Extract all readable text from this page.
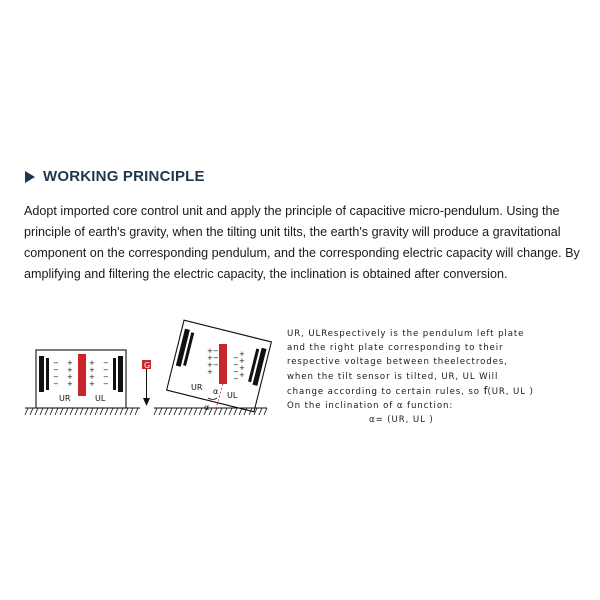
WORKING PRINCIPLE
Adopt imported core control unit and apply the principle of capacitive micro-pendulum. Using the principle of earth's gravity, when the tilting unit tilts, the earth's gravity will produce a gravitational component on the corresponding pendulum, and the corresponding electric capacity will change. By amplifying and filtering the electric capacity, the inclination is obtained after conversion.
−
−
−
−
+
+
+
+
+
+
+
+
−
−
−
−
UR	UL
G
+
+
+
+
−
−
−
−
−
−
−
+
+
+
+
UR
UL
α
α
UR, ULRespectively is the pendulum left plate
and the right plate corresponding to their
respective voltage between theelectrodes,
when the tilt sensor is tilted, UR, UL Will
change according to certain rules, so f(UR, UL )
On the inclination of α function:
α= (UR, UL )
